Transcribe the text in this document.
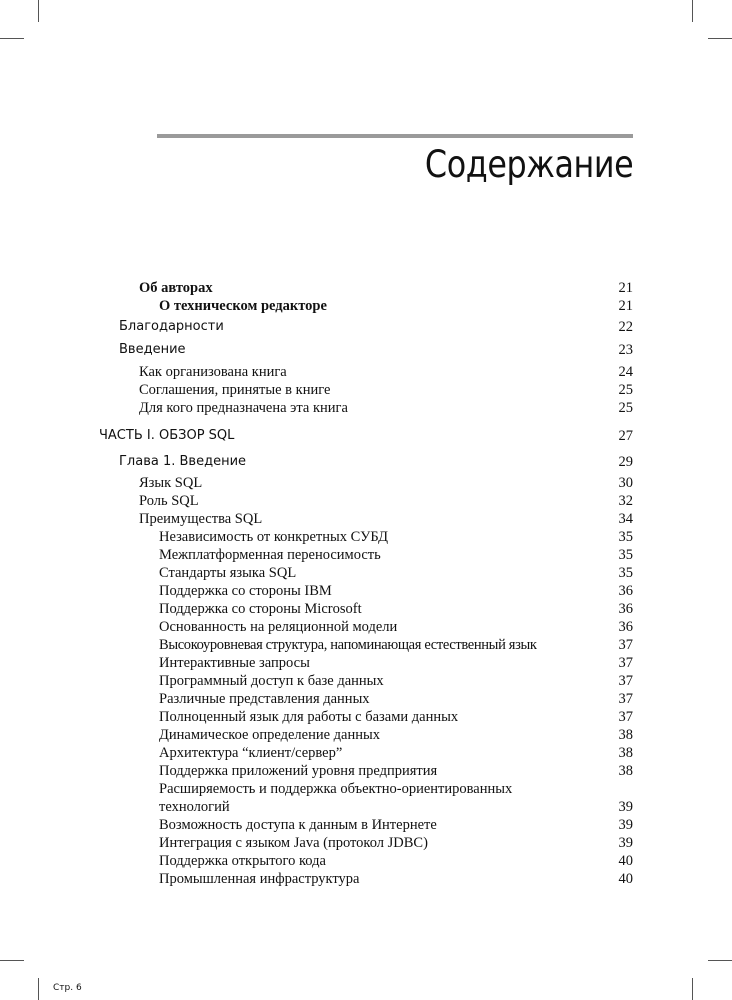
Содержание
Об авторах	21
О техническом редакторе	21
Благодарности	22
Введение	23
Как организована книга	24
Соглашения, принятые в книге	25
Для кого предназначена эта книга	25
ЧАСТЬ I. ОБЗОР SQL	27
Глава 1. Введение	29
Язык SQL	30
Роль SQL	32
Преимущества SQL	34
Независимость от конкретных СУБД	35
Межплатформенная переносимость	35
Стандарты языка SQL	35
Поддержка со стороны IBM	36
Поддержка со стороны Microsoft	36
Основанность на реляционной модели	36
Высокоуровневая структура, напоминающая естественный язык	37
Интерактивные запросы	37
Программный доступ к базе данных	37
Различные представления данных	37
Полноценный язык для работы с базами данных	37
Динамическое определение данных	38
Архитектура “клиент/сервер”	38
Поддержка приложений уровня предприятия	38
Расширяемость и поддержка объектно-ориентированных
технологий	39
Возможность доступа к данным в Интернете	39
Интеграция с языком Java (протокол JDBC)	39
Поддержка открытого кода	40
Промышленная инфраструктура	40
Стр. 6
